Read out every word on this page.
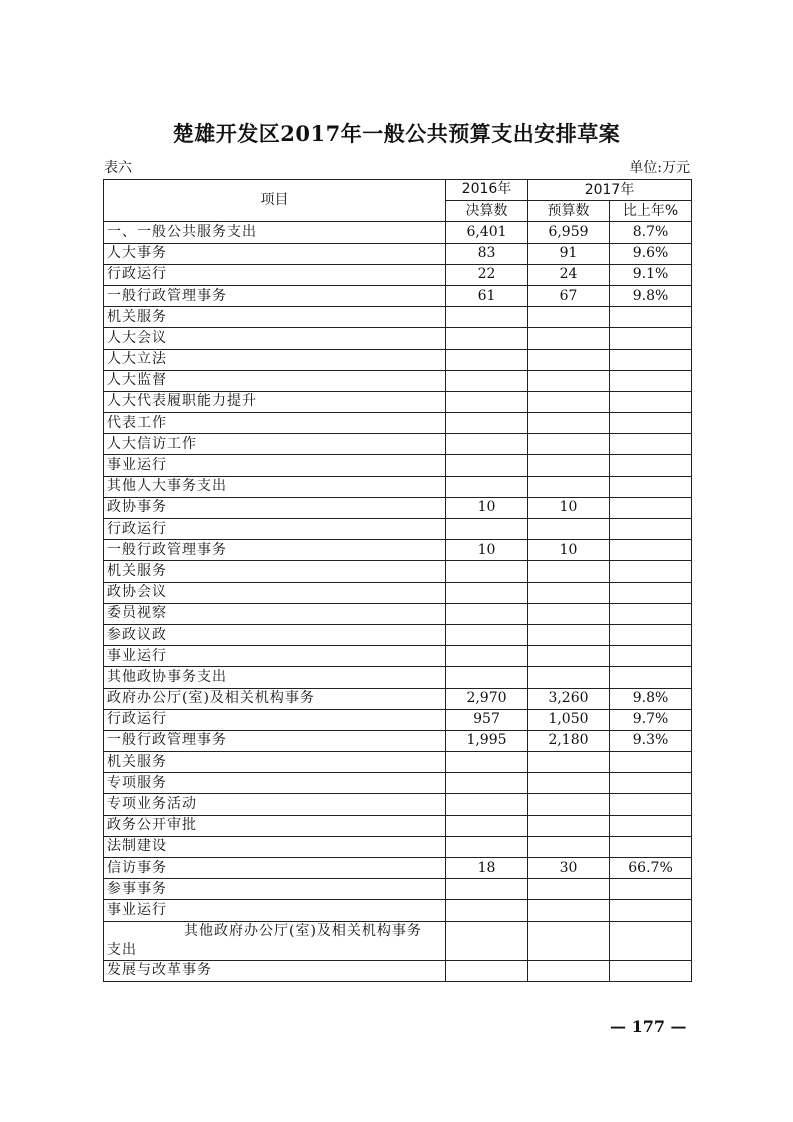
楚雄开发区2017年一般公共预算支出安排草案
表六	单位:万元
项目	2016年	2017年	
	决算数	预算数	比上年%
一、一般公共服务支出	6,401	6,959	8.7%
人大事务	83	91	9.6%
行政运行	22	24	9.1%
一般行政管理事务	61	67	9.8%
机关服务			
人大会议			
人大立法			
人大监督			
人大代表履职能力提升			
代表工作			
人大信访工作			
事业运行			
其他人大事务支出			
政协事务	10	10	
行政运行			
一般行政管理事务	10	10	
机关服务			
政协会议			
委员视察			
参政议政			
事业运行			
其他政协事务支出			
政府办公厅(室)及相关机构事务	2,970	3,260	9.8%
行政运行	957	1,050	9.7%
一般行政管理事务	1,995	2,180	9.3%
机关服务			
专项服务			
专项业务活动			
政务公开审批			
法制建设			
信访事务	18	30	66.7%
参事事务			
事业运行			

其他政府办公厅(室)及相关机构事务
支出			
发展与改革事务			
— 177 —
